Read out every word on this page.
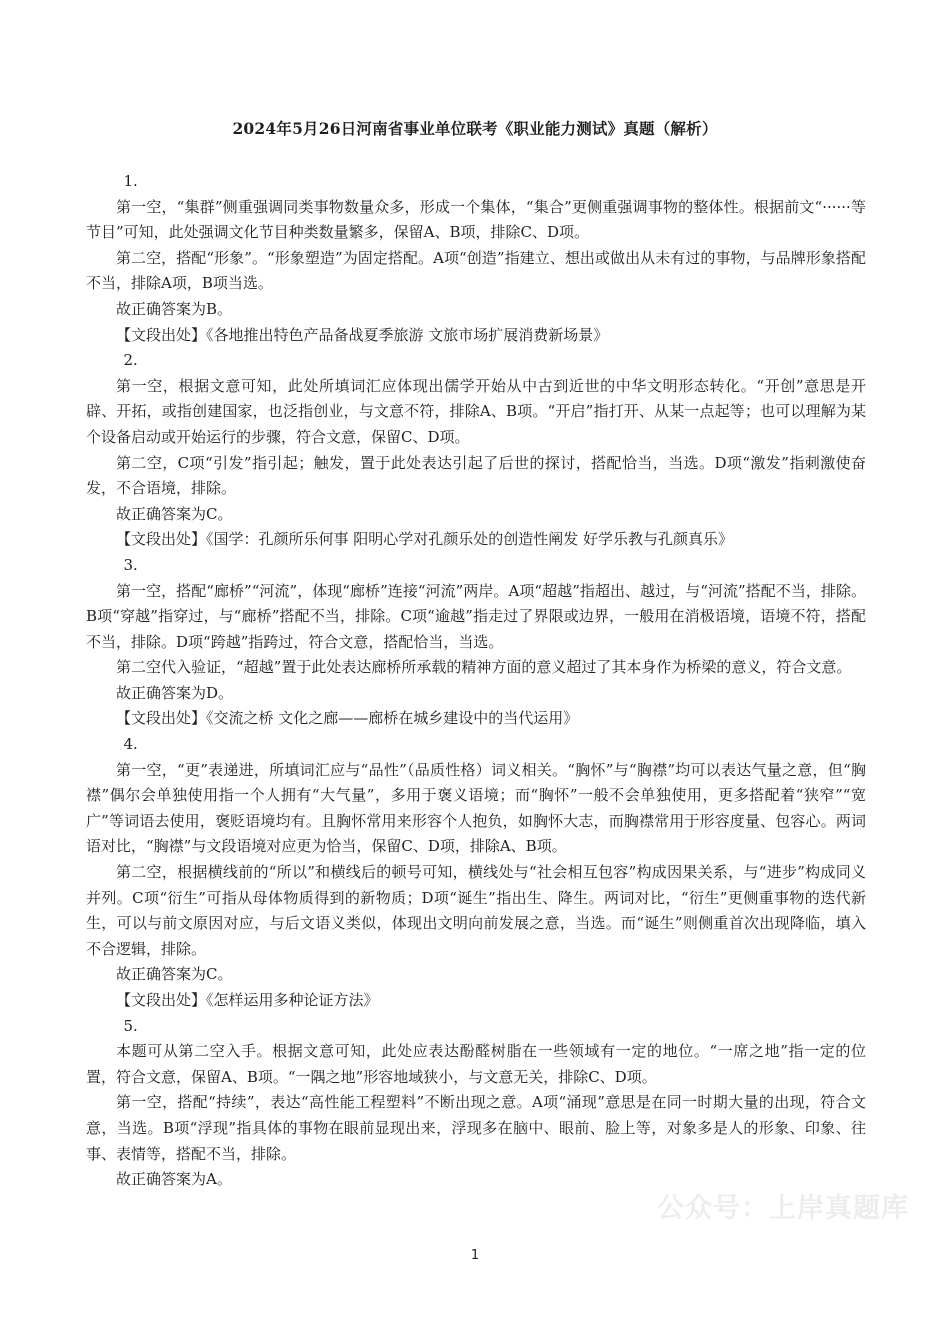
2024年5月26日河南省事业单位联考《职业能力测试》真题（解析）

1.

第一空，“集群”侧重强调同类事物数量众多，形成一个集体，“集合”更侧重强调事物的整体性。根据前文“······等节目”可知，此处强调文化节目种类数量繁多，保留A、B项，排除C、D项。

第二空，搭配“形象”。“形象塑造”为固定搭配。A项“创造”指建立、想出或做出从未有过的事物，与品牌形象搭配不当，排除A项，B项当选。

故正确答案为B。

【文段出处】《各地推出特色产品备战夏季旅游 文旅市场扩展消费新场景》

2.

第一空，根据文意可知，此处所填词汇应体现出儒学开始从中古到近世的中华文明形态转化。“开创”意思是开辟、开拓，或指创建国家，也泛指创业，与文意不符，排除A、B项。“开启”指打开、从某一点起等；也可以理解为某个设备启动或开始运行的步骤，符合文意，保留C、D项。

第二空，C项“引发”指引起；触发，置于此处表达引起了后世的探讨，搭配恰当，当选。D项“激发”指刺激使奋发，不合语境，排除。

故正确答案为C。

【文段出处】《国学：孔颜所乐何事 阳明心学对孔颜乐处的创造性阐发 好学乐教与孔颜真乐》

3.

第一空，搭配“廊桥”“河流”，体现“廊桥”连接“河流”两岸。A项“超越”指超出、越过，与“河流”搭配不当，排除。B项“穿越”指穿过，与“廊桥”搭配不当，排除。C项“逾越”指走过了界限或边界，一般用在消极语境，语境不符，搭配不当，排除。D项“跨越”指跨过，符合文意，搭配恰当，当选。

第二空代入验证，“超越”置于此处表达廊桥所承载的精神方面的意义超过了其本身作为桥梁的意义，符合文意。

故正确答案为D。

【文段出处】《交流之桥 文化之廊——廊桥在城乡建设中的当代运用》

4.

第一空，“更”表递进，所填词汇应与“品性”（品质性格）词义相关。“胸怀”与“胸襟”均可以表达气量之意，但“胸襟”偶尔会单独使用指一个人拥有“大气量”，多用于褒义语境；而“胸怀”一般不会单独使用，更多搭配着“狭窄”“宽广”等词语去使用，褒贬语境均有。且胸怀常用来形容个人抱负，如胸怀大志，而胸襟常用于形容度量、包容心。两词语对比，“胸襟”与文段语境对应更为恰当，保留C、D项，排除A、B项。

第二空，根据横线前的“所以”和横线后的顿号可知，横线处与“社会相互包容”构成因果关系，与“进步”构成同义并列。C项“衍生”可指从母体物质得到的新物质；D项“诞生”指出生、降生。两词对比，“衍生”更侧重事物的迭代新生，可以与前文原因对应，与后文语义类似，体现出文明向前发展之意，当选。而“诞生”则侧重首次出现降临，填入不合逻辑，排除。

故正确答案为C。

【文段出处】《怎样运用多种论证方法》

5.

本题可从第二空入手。根据文意可知，此处应表达酚醛树脂在一些领域有一定的地位。“一席之地”指一定的位置，符合文意，保留A、B项。“一隅之地”形容地域狭小，与文意无关，排除C、D项。

第一空，搭配“持续”，表达“高性能工程塑料”不断出现之意。A项“涌现”意思是在同一时期大量的出现，符合文意，当选。B项“浮现”指具体的事物在眼前显现出来，浮现多在脑中、眼前、脸上等，对象多是人的形象、印象、往事、表情等，搭配不当，排除。

故正确答案为A。

公众号：上岸真题库
1
